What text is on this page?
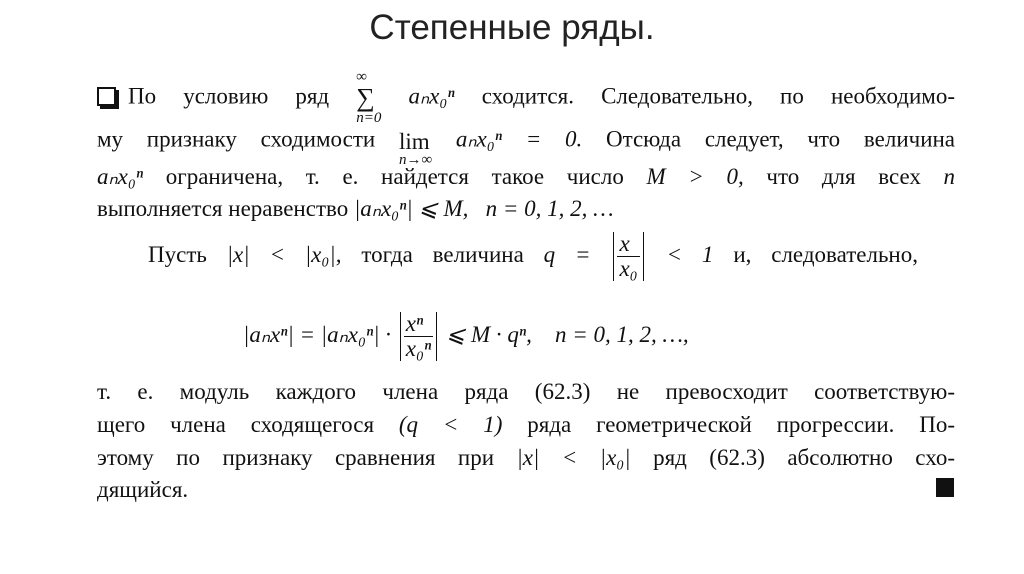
Степенные ряды.
По условию ряд
∞
∑
n=0
aₙx₀ⁿ сходится. Следовательно, по необходимо-
му признаку сходимости lim
n→∞
aₙx₀ⁿ = 0. Отсюда следует, что величина
aₙx₀ⁿ ограничена, т. е. найдется такое число M > 0, что для всех n
выполняется неравенство |aₙx₀ⁿ| ⩽ M, n = 0, 1, 2, …
Пусть |x| < |x₀|, тогда величина $q = \frac{x}{\text{x₀}} < 1$ и, следовательно,
$|a_nx^n| = |a_nx_0^n| \cdot \frac{\text{xⁿ}}{\text{x₀ⁿ}}$ ⩽ M · qⁿ, n = 0, 1, 2, …,
т. е. модуль каждого члена ряда (62.3) не превосходит соответствую-
щего члена сходящегося (q < 1) ряда геометрической прогрессии. По-
этому по признаку сравнения при |x| < |x₀| ряд (62.3) абсолютно схо-
дящийся.
